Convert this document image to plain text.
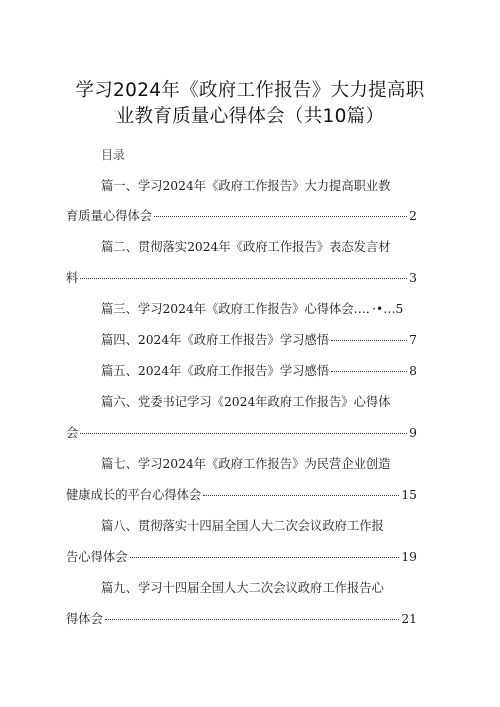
学习2024年《政府工作报告》大力提高职
业教育质量心得体会（共10篇）
目录
篇一、学习2024年《政府工作报告》大力提高职业教
育质量心得体会	2
篇二、贯彻落实2024年《政府工作报告》表态发言材
料	3
篇三、学习2024年《政府工作报告》心得体会…．·•…5
篇四、2024年《政府工作报告》学习感悟	7
篇五、2024年《政府工作报告》学习感悟	8
篇六、党委书记学习《2024年政府工作报告》心得体
会	9
篇七、学习2024年《政府工作报告》为民营企业创造
健康成长的平台心得体会	15
篇八、贯彻落实十四届全国人大二次会议政府工作报
告心得体会	19
篇九、学习十四届全国人大二次会议政府工作报告心
得体会	21
